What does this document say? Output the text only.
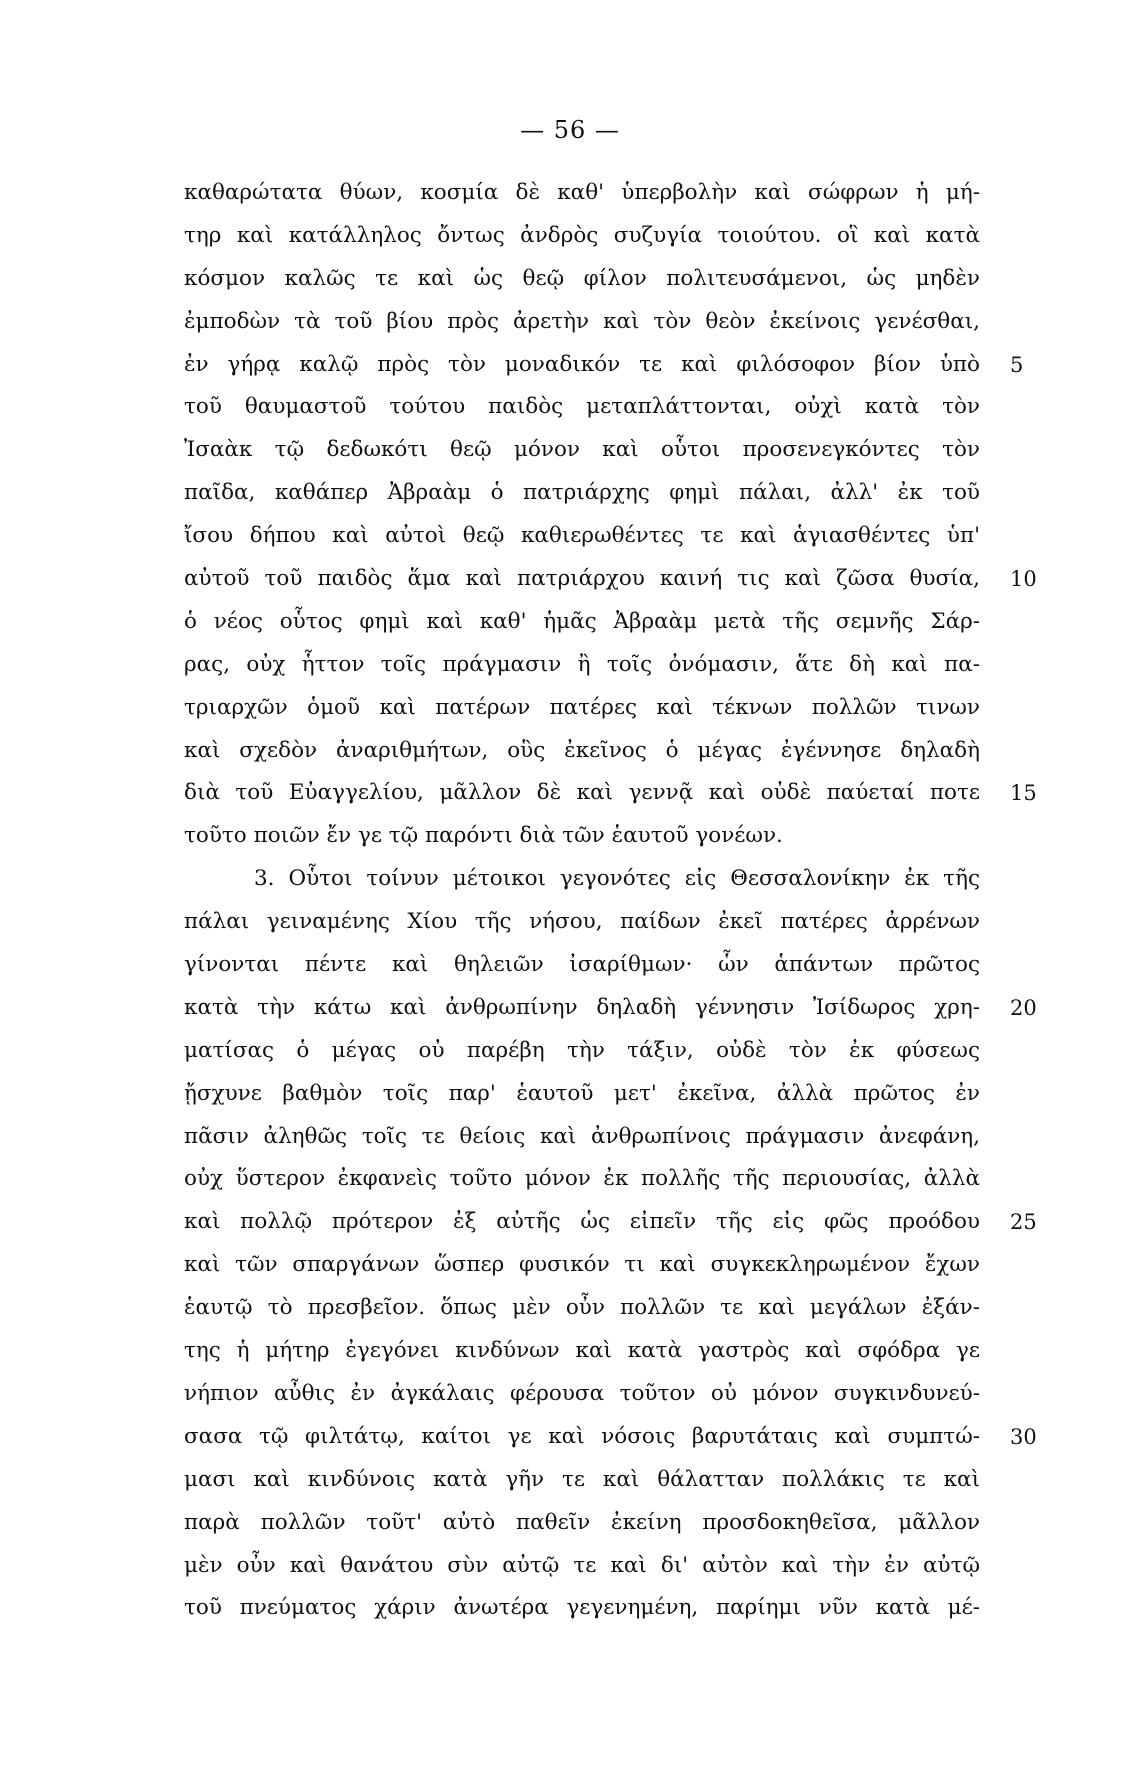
— 56 —
καθαρώτατα θύων, κοσμία δὲ καθ' ὑπερβολὴν καὶ σώφρων ἡ μή-
τηρ καὶ κατάλληλος ὄντως ἀνδρὸς συζυγία τοιούτου. οἳ καὶ κατὰ
κόσμον καλῶς τε καὶ ὡς θεῷ φίλον πολιτευσάμενοι, ὡς μηδὲν
ἐμποδὼν τὰ τοῦ βίου πρὸς ἀρετὴν καὶ τὸν θεὸν ἐκείνοις γενέσθαι,
ἐν γήρᾳ καλῷ πρὸς τὸν μοναδικόν τε καὶ φιλόσοφον βίον ὑπὸ 5
τοῦ θαυμαστοῦ τούτου παιδὸς μεταπλάττονται, οὐχὶ κατὰ τὸν
Ἰσαὰκ τῷ δεδωκότι θεῷ μόνον καὶ οὗτοι προσενεγκόντες τὸν
παῖδα, καθάπερ Ἀβραὰμ ὁ πατριάρχης φημὶ πάλαι, ἀλλ' ἐκ τοῦ
ἴσου δήπου καὶ αὐτοὶ θεῷ καθιερωθέντες τε καὶ ἁγιασθέντες ὑπ'
αὐτοῦ τοῦ παιδὸς ἅμα καὶ πατριάρχου καινή τις καὶ ζῶσα θυσία, 10
ὁ νέος οὗτος φημὶ καὶ καθ' ἡμᾶς Ἀβραὰμ μετὰ τῆς σεμνῆς Σάρ-
ρας, οὐχ ἧττον τοῖς πράγμασιν ἢ τοῖς ὀνόμασιν, ἅτε δὴ καὶ πα-
τριαρχῶν ὁμοῦ καὶ πατέρων πατέρες καὶ τέκνων πολλῶν τινων
καὶ σχεδὸν ἀναριθμήτων, οὓς ἐκεῖνος ὁ μέγας ἐγέννησε δηλαδὴ
διὰ τοῦ Εὐαγγελίου, μᾶλλον δὲ καὶ γεννᾷ καὶ οὐδὲ παύεταί ποτε 15
τοῦτο ποιῶν ἔν γε τῷ παρόντι διὰ τῶν ἑαυτοῦ γονέων.
3. Οὗτοι τοίνυν μέτοικοι γεγονότες εἰς Θεσσαλονίκην ἐκ τῆς
πάλαι γειναμένης Χίου τῆς νήσου, παίδων ἐκεῖ πατέρες ἀρρένων
γίνονται πέντε καὶ θηλειῶν ἰσαρίθμων· ὧν ἁπάντων πρῶτος
κατὰ τὴν κάτω καὶ ἀνθρωπίνην δηλαδὴ γέννησιν Ἰσίδωρος χρη- 20
ματίσας ὁ μέγας οὐ παρέβη τὴν τάξιν, οὐδὲ τὸν ἐκ φύσεως
ᾔσχυνε βαθμὸν τοῖς παρ' ἑαυτοῦ μετ' ἐκεῖνα, ἀλλὰ πρῶτος ἐν
πᾶσιν ἀληθῶς τοῖς τε θείοις καὶ ἀνθρωπίνοις πράγμασιν ἀνεφάνη,
οὐχ ὕστερον ἐκφανεὶς τοῦτο μόνον ἐκ πολλῆς τῆς περιουσίας, ἀλλὰ
καὶ πολλῷ πρότερον ἐξ αὐτῆς ὡς εἰπεῖν τῆς εἰς φῶς προόδου 25
καὶ τῶν σπαργάνων ὥσπερ φυσικόν τι καὶ συγκεκληρωμένον ἔχων
ἑαυτῷ τὸ πρεσβεῖον. ὅπως μὲν οὖν πολλῶν τε καὶ μεγάλων ἐξάν-
της ἡ μήτηρ ἐγεγόνει κινδύνων καὶ κατὰ γαστρὸς καὶ σφόδρα γε
νήπιον αὖθις ἐν ἀγκάλαις φέρουσα τοῦτον οὐ μόνον συγκινδυνεύ-
σασα τῷ φιλτάτῳ, καίτοι γε καὶ νόσοις βαρυτάταις καὶ συμπτώ- 30
μασι καὶ κινδύνοις κατὰ γῆν τε καὶ θάλατταν πολλάκις τε καὶ
παρὰ πολλῶν τοῦτ' αὐτὸ παθεῖν ἐκείνη προσδοκηθεῖσα, μᾶλλον
μὲν οὖν καὶ θανάτου σὺν αὐτῷ τε καὶ δι' αὐτὸν καὶ τὴν ἐν αὐτῷ
τοῦ πνεύματος χάριν ἀνωτέρα γεγενημένη, παρίημι νῦν κατὰ μέ-
